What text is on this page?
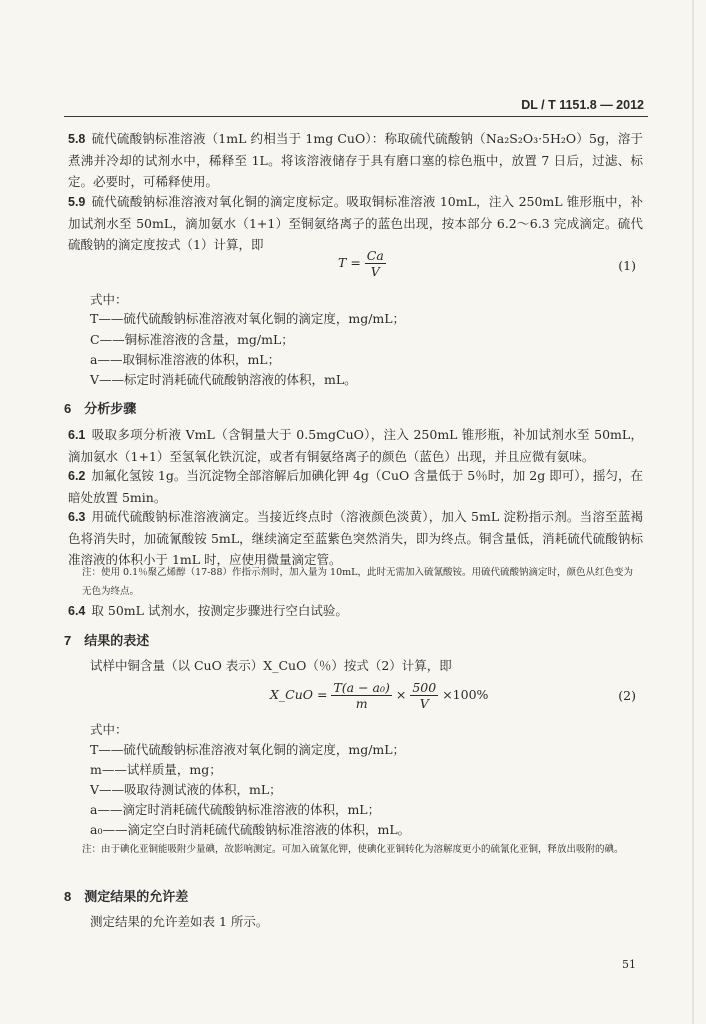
DL / T 1151.8 — 2012

5.8 硫代硫酸钠标准溶液（1mL 约相当于 1mg CuO）：称取硫代硫酸钠（Na₂S₂O₃·5H₂O）5g，溶于煮沸并冷却的试剂水中，稀释至 1L。将该溶液储存于具有磨口塞的棕色瓶中，放置 7 日后，过滤、标定。必要时，可稀释使用。

5.9 硫代硫酸钠标准溶液对氧化铜的滴定度标定。吸取铜标准溶液 10mL，注入 250mL 锥形瓶中，补加试剂水至 50mL，滴加氨水（1+1）至铜氨络离子的蓝色出现，按本部分 6.2～6.3 完成滴定。硫代硫酸钠的滴定度按式（1）计算，即

$T = \frac{Ca}{V}$	(1)

式中：

T——硫代硫酸钠标准溶液对氧化铜的滴定度，mg/mL；

C——铜标准溶液的含量，mg/mL；

a——取铜标准溶液的体积，mL；

V——标定时消耗硫代硫酸钠溶液的体积，mL。

6　 分析步骤

6.1 吸取多项分析液 VmL（含铜量大于 0.5mgCuO），注入 250mL 锥形瓶，补加试剂水至 50mL，滴加氨水（1+1）至氢氧化铁沉淀，或者有铜氨络离子的颜色（蓝色）出现，并且应微有氨味。

6.2 加氟化氢铵 1g。当沉淀物全部溶解后加碘化钾 4g（CuO 含量低于 5％时，加 2g 即可），摇匀，在暗处放置 5min。

6.3 用硫代硫酸钠标准溶液滴定。当接近终点时（溶液颜色淡黄），加入 5mL 淀粉指示剂。当溶至蓝褐色将消失时，加硫氰酸铵 5mL，继续滴定至蓝紫色突然消失，即为终点。铜含量低，消耗硫代硫酸钠标准溶液的体积小于 1mL 时，应使用微量滴定管。

注：使用 0.1％聚乙烯醇（17-88）作指示剂时，加入量为 10mL，此时无需加入硫氰酸铵。用硫代硫酸钠滴定时，颜色从红色变为无色为终点。

6.4 取 50mL 试剂水，按测定步骤进行空白试验。

7　 结果的表述

试样中铜含量（以 CuO 表示）X_CuO（％）按式（2）计算，即

X_CuO = $\frac{\text{T(a − a₀)}}{m} \times \frac{500}{V} \times 100\%$	(2)

式中：

T——硫代硫酸钠标准溶液对氧化铜的滴定度，mg/mL；

m——试样质量，mg；

V——吸取待测试液的体积，mL；

a——滴定时消耗硫代硫酸钠标准溶液的体积，mL；

a₀——滴定空白时消耗硫代硫酸钠标准溶液的体积，mL。

注：由于碘化亚铜能吸附少量碘，故影响测定。可加入硫氰化钾，使碘化亚铜转化为溶解度更小的硫氰化亚铜，释放出吸附的碘。

8　 测定结果的允许差

测定结果的允许差如表 1 所示。

51
